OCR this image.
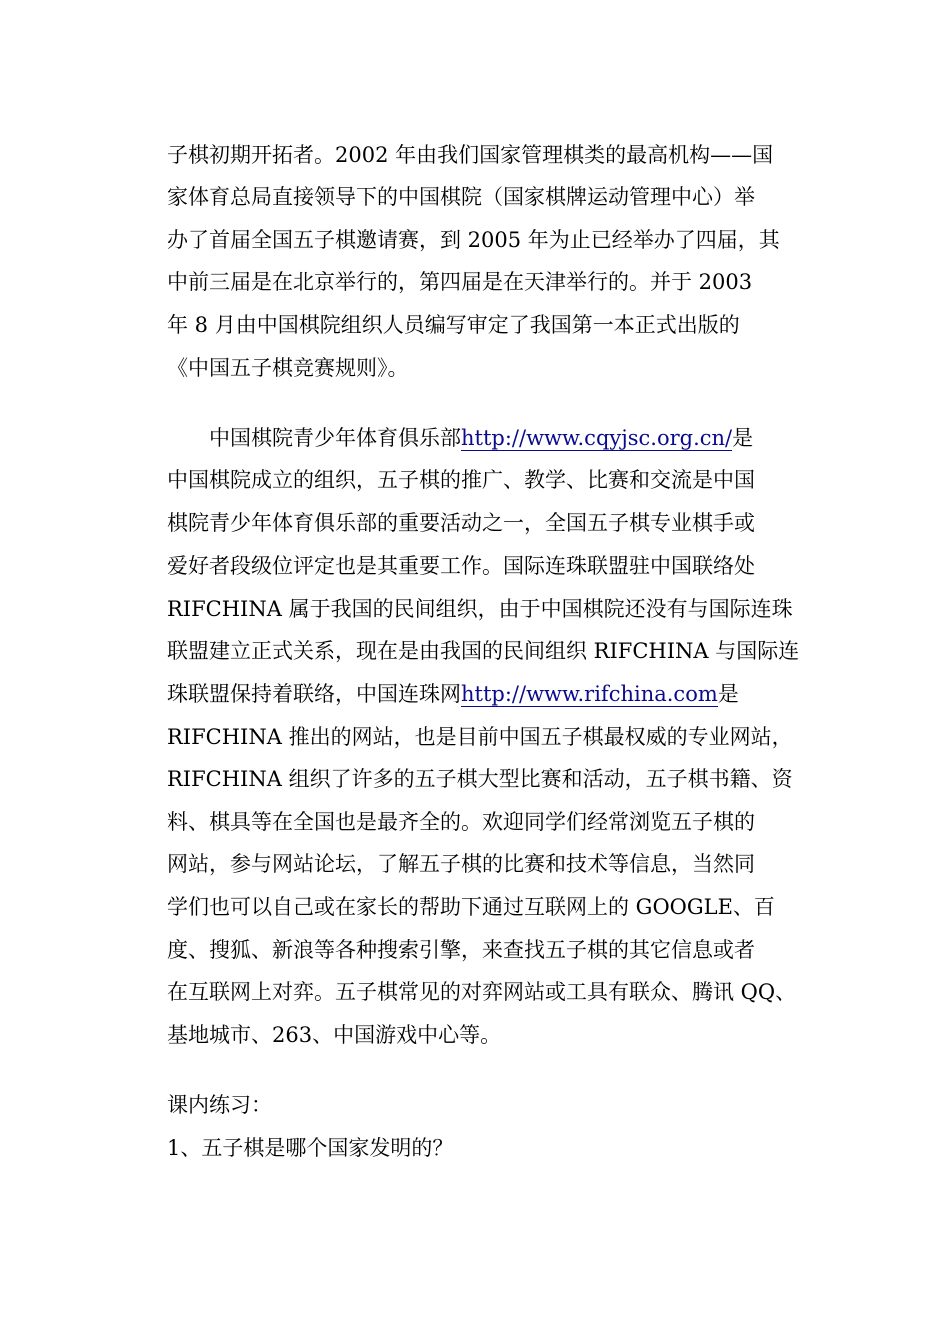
子棋初期开拓者。2002 年由我们国家管理棋类的最高机构——国
家体育总局直接领导下的中国棋院（国家棋牌运动管理中心）举
办了首届全国五子棋邀请赛，到 2005 年为止已经举办了四届，其
中前三届是在北京举行的，第四届是在天津举行的。并于 2003
年 8 月由中国棋院组织人员编写审定了我国第一本正式出版的
《中国五子棋竞赛规则》。
中国棋院青少年体育俱乐部http://www.cqyjsc.org.cn/是
中国棋院成立的组织，五子棋的推广、教学、比赛和交流是中国
棋院青少年体育俱乐部的重要活动之一，全国五子棋专业棋手或
爱好者段级位评定也是其重要工作。国际连珠联盟驻中国联络处
RIFCHINA 属于我国的民间组织，由于中国棋院还没有与国际连珠
联盟建立正式关系，现在是由我国的民间组织 RIFCHINA 与国际连
珠联盟保持着联络，中国连珠网http://www.rifchina.com是
RIFCHINA 推出的网站，也是目前中国五子棋最权威的专业网站，
RIFCHINA 组织了许多的五子棋大型比赛和活动，五子棋书籍、资
料、棋具等在全国也是最齐全的。欢迎同学们经常浏览五子棋的
网站，参与网站论坛，了解五子棋的比赛和技术等信息，当然同
学们也可以自己或在家长的帮助下通过互联网上的 GOOGLE、百
度、搜狐、新浪等各种搜索引擎，来查找五子棋的其它信息或者
在互联网上对弈。五子棋常见的对弈网站或工具有联众、腾讯 QQ、
基地城市、263、中国游戏中心等。
课内练习：
1、五子棋是哪个国家发明的？
